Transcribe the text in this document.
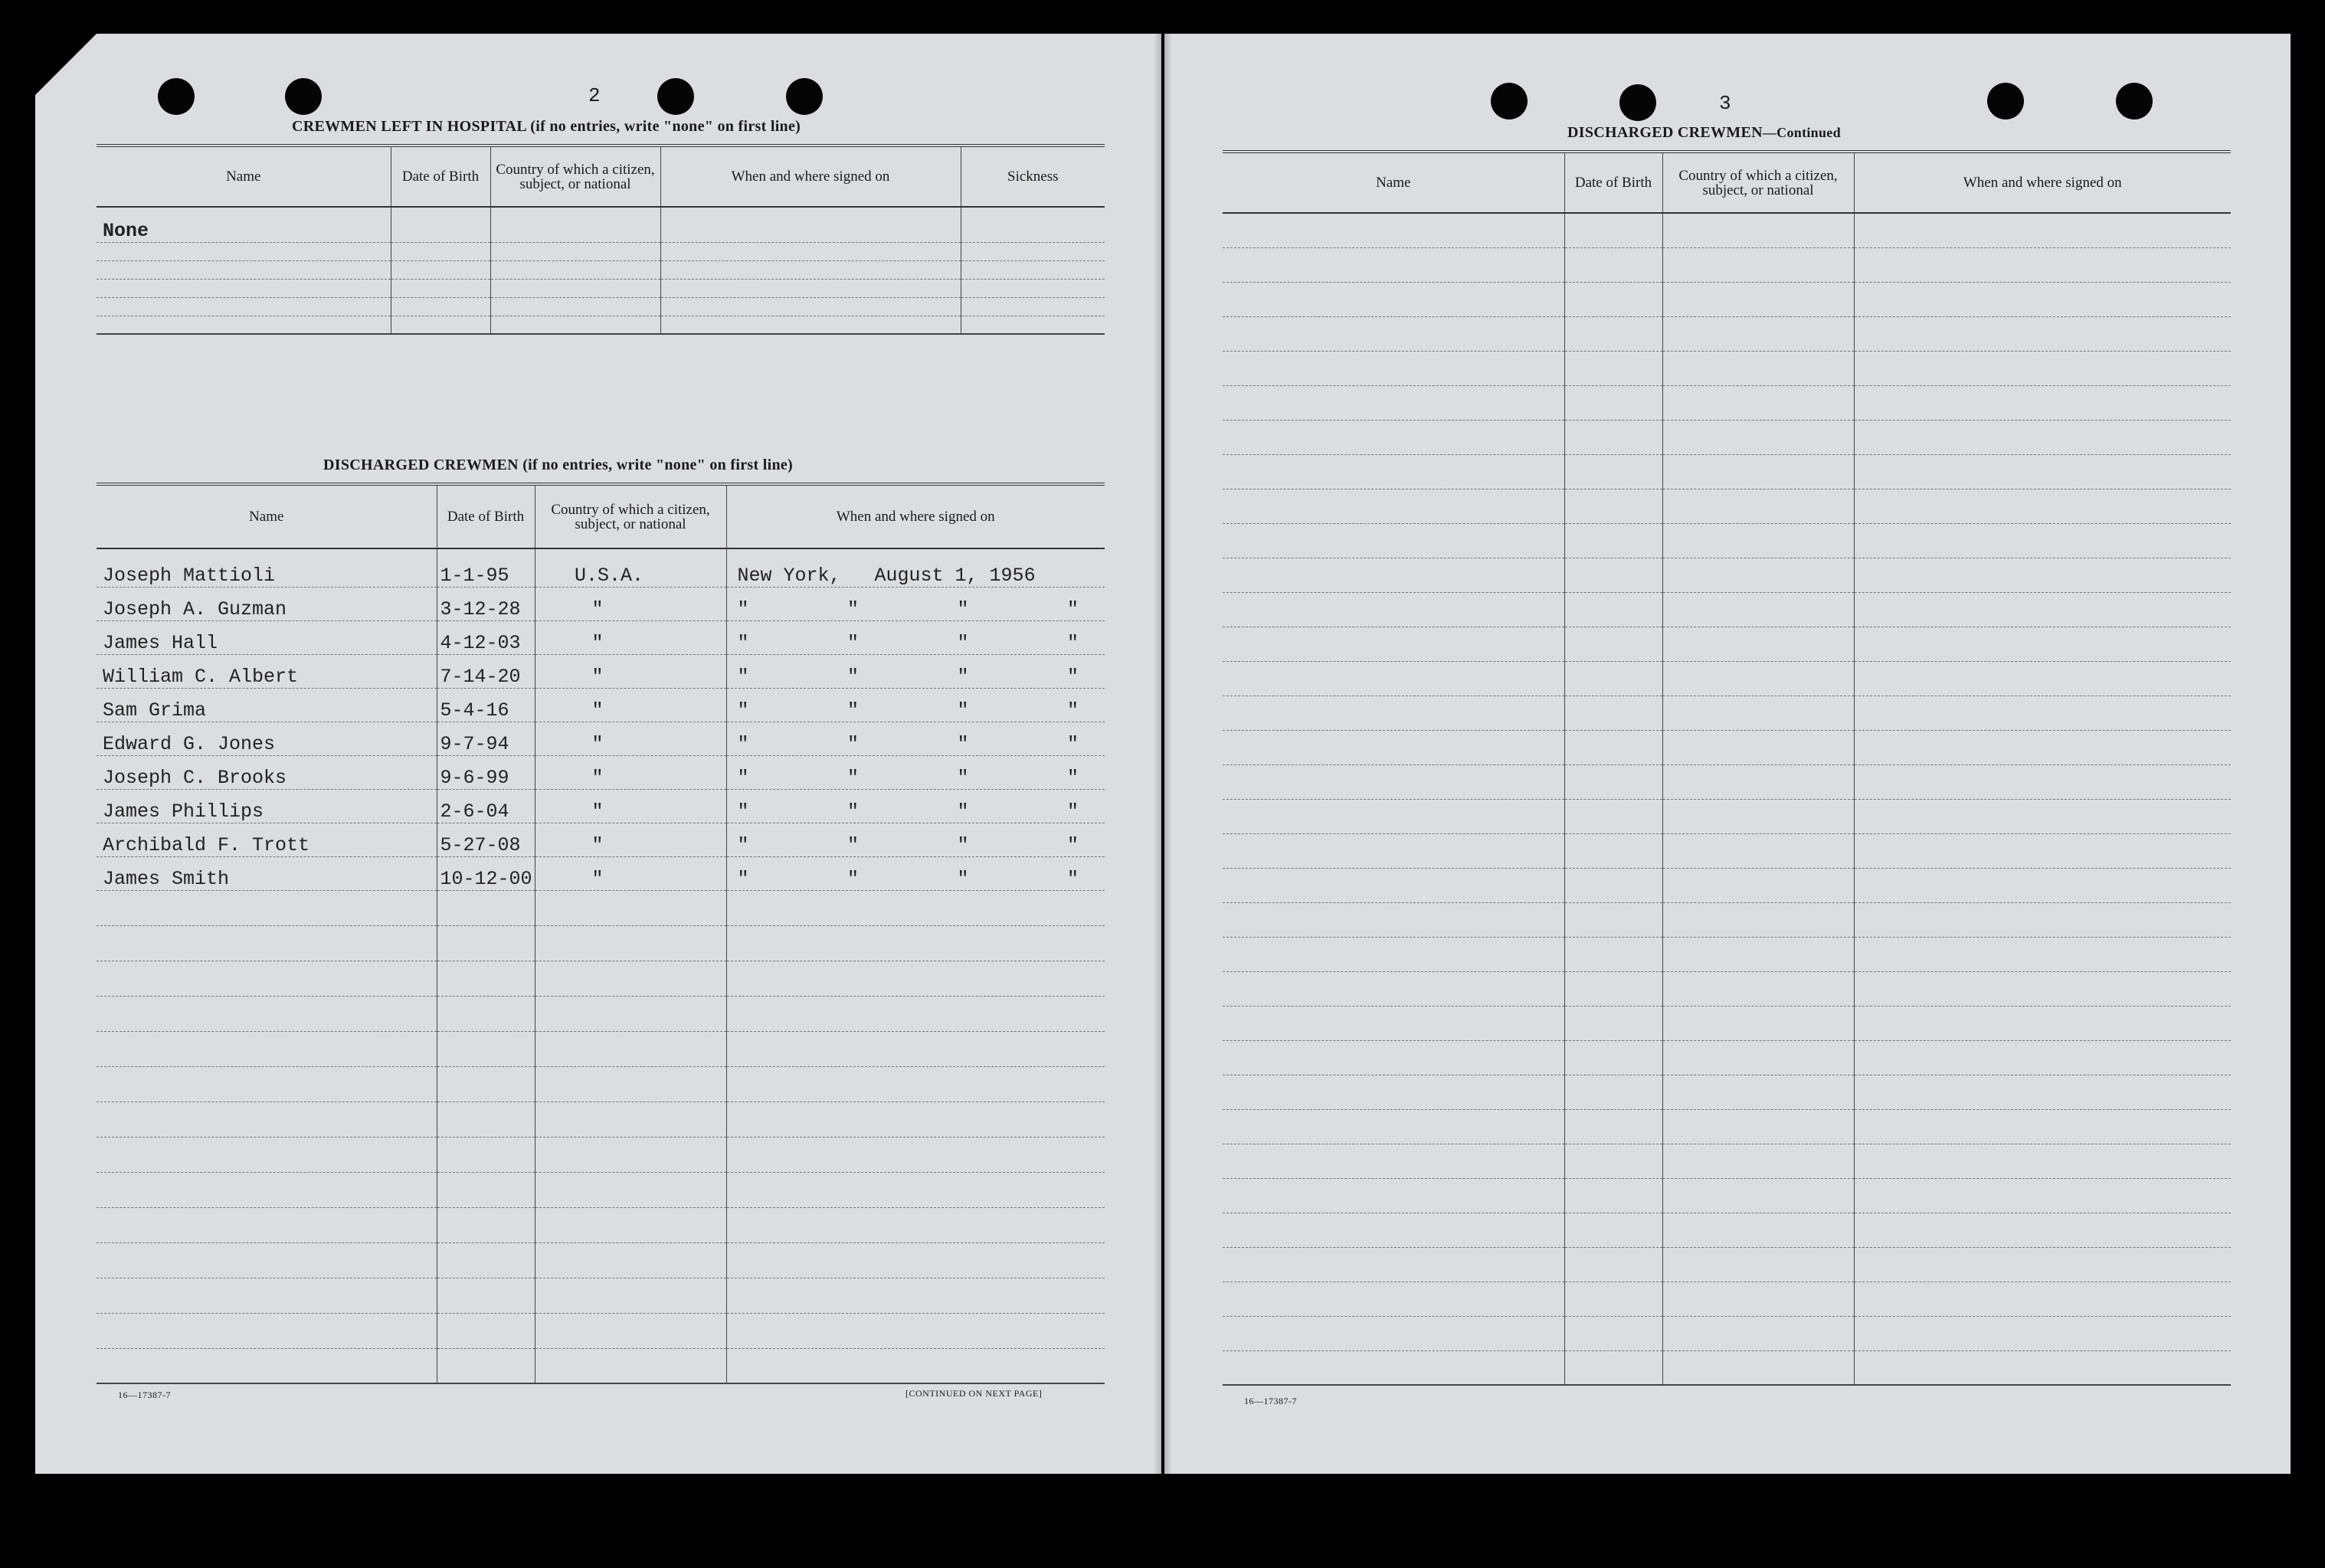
2
CREWMEN LEFT IN HOSPITAL (if no entries, write "none" on first line)
Name	Date of Birth	Country of which a citizen, subject, or national	When and where signed on	Sickness
None				

DISCHARGED CREWMEN (if no entries, write "none" on first line)
Name	Date of Birth	Country of which a citizen, subject, or national	When and where signed on
Joseph Mattioli	1-1-95	U.S.A.	New York, August 1, 1956

Joseph A. Guzman	3-12-28	"	" " " "

James Hall	4-12-03	"	" " " "

William C. Albert	7-14-20	"	" " " "

Sam Grima	5-4-16	"	" " " "

Edward G. Jones	9-7-94	"	" " " "

Joseph C. Brooks	9-6-99	"	" " " "

James Phillips	2-6-04	"	" " " "

Archibald F. Trott	5-27-08	"	" " " "

James Smith	10-12-00	"	" " " "

16—17387-7	[CONTINUED ON NEXT PAGE]
3
DISCHARGED CREWMEN—Continued
Name	Date of Birth	Country of which a citizen, subject, or national	When and where signed on

16—17387-7
